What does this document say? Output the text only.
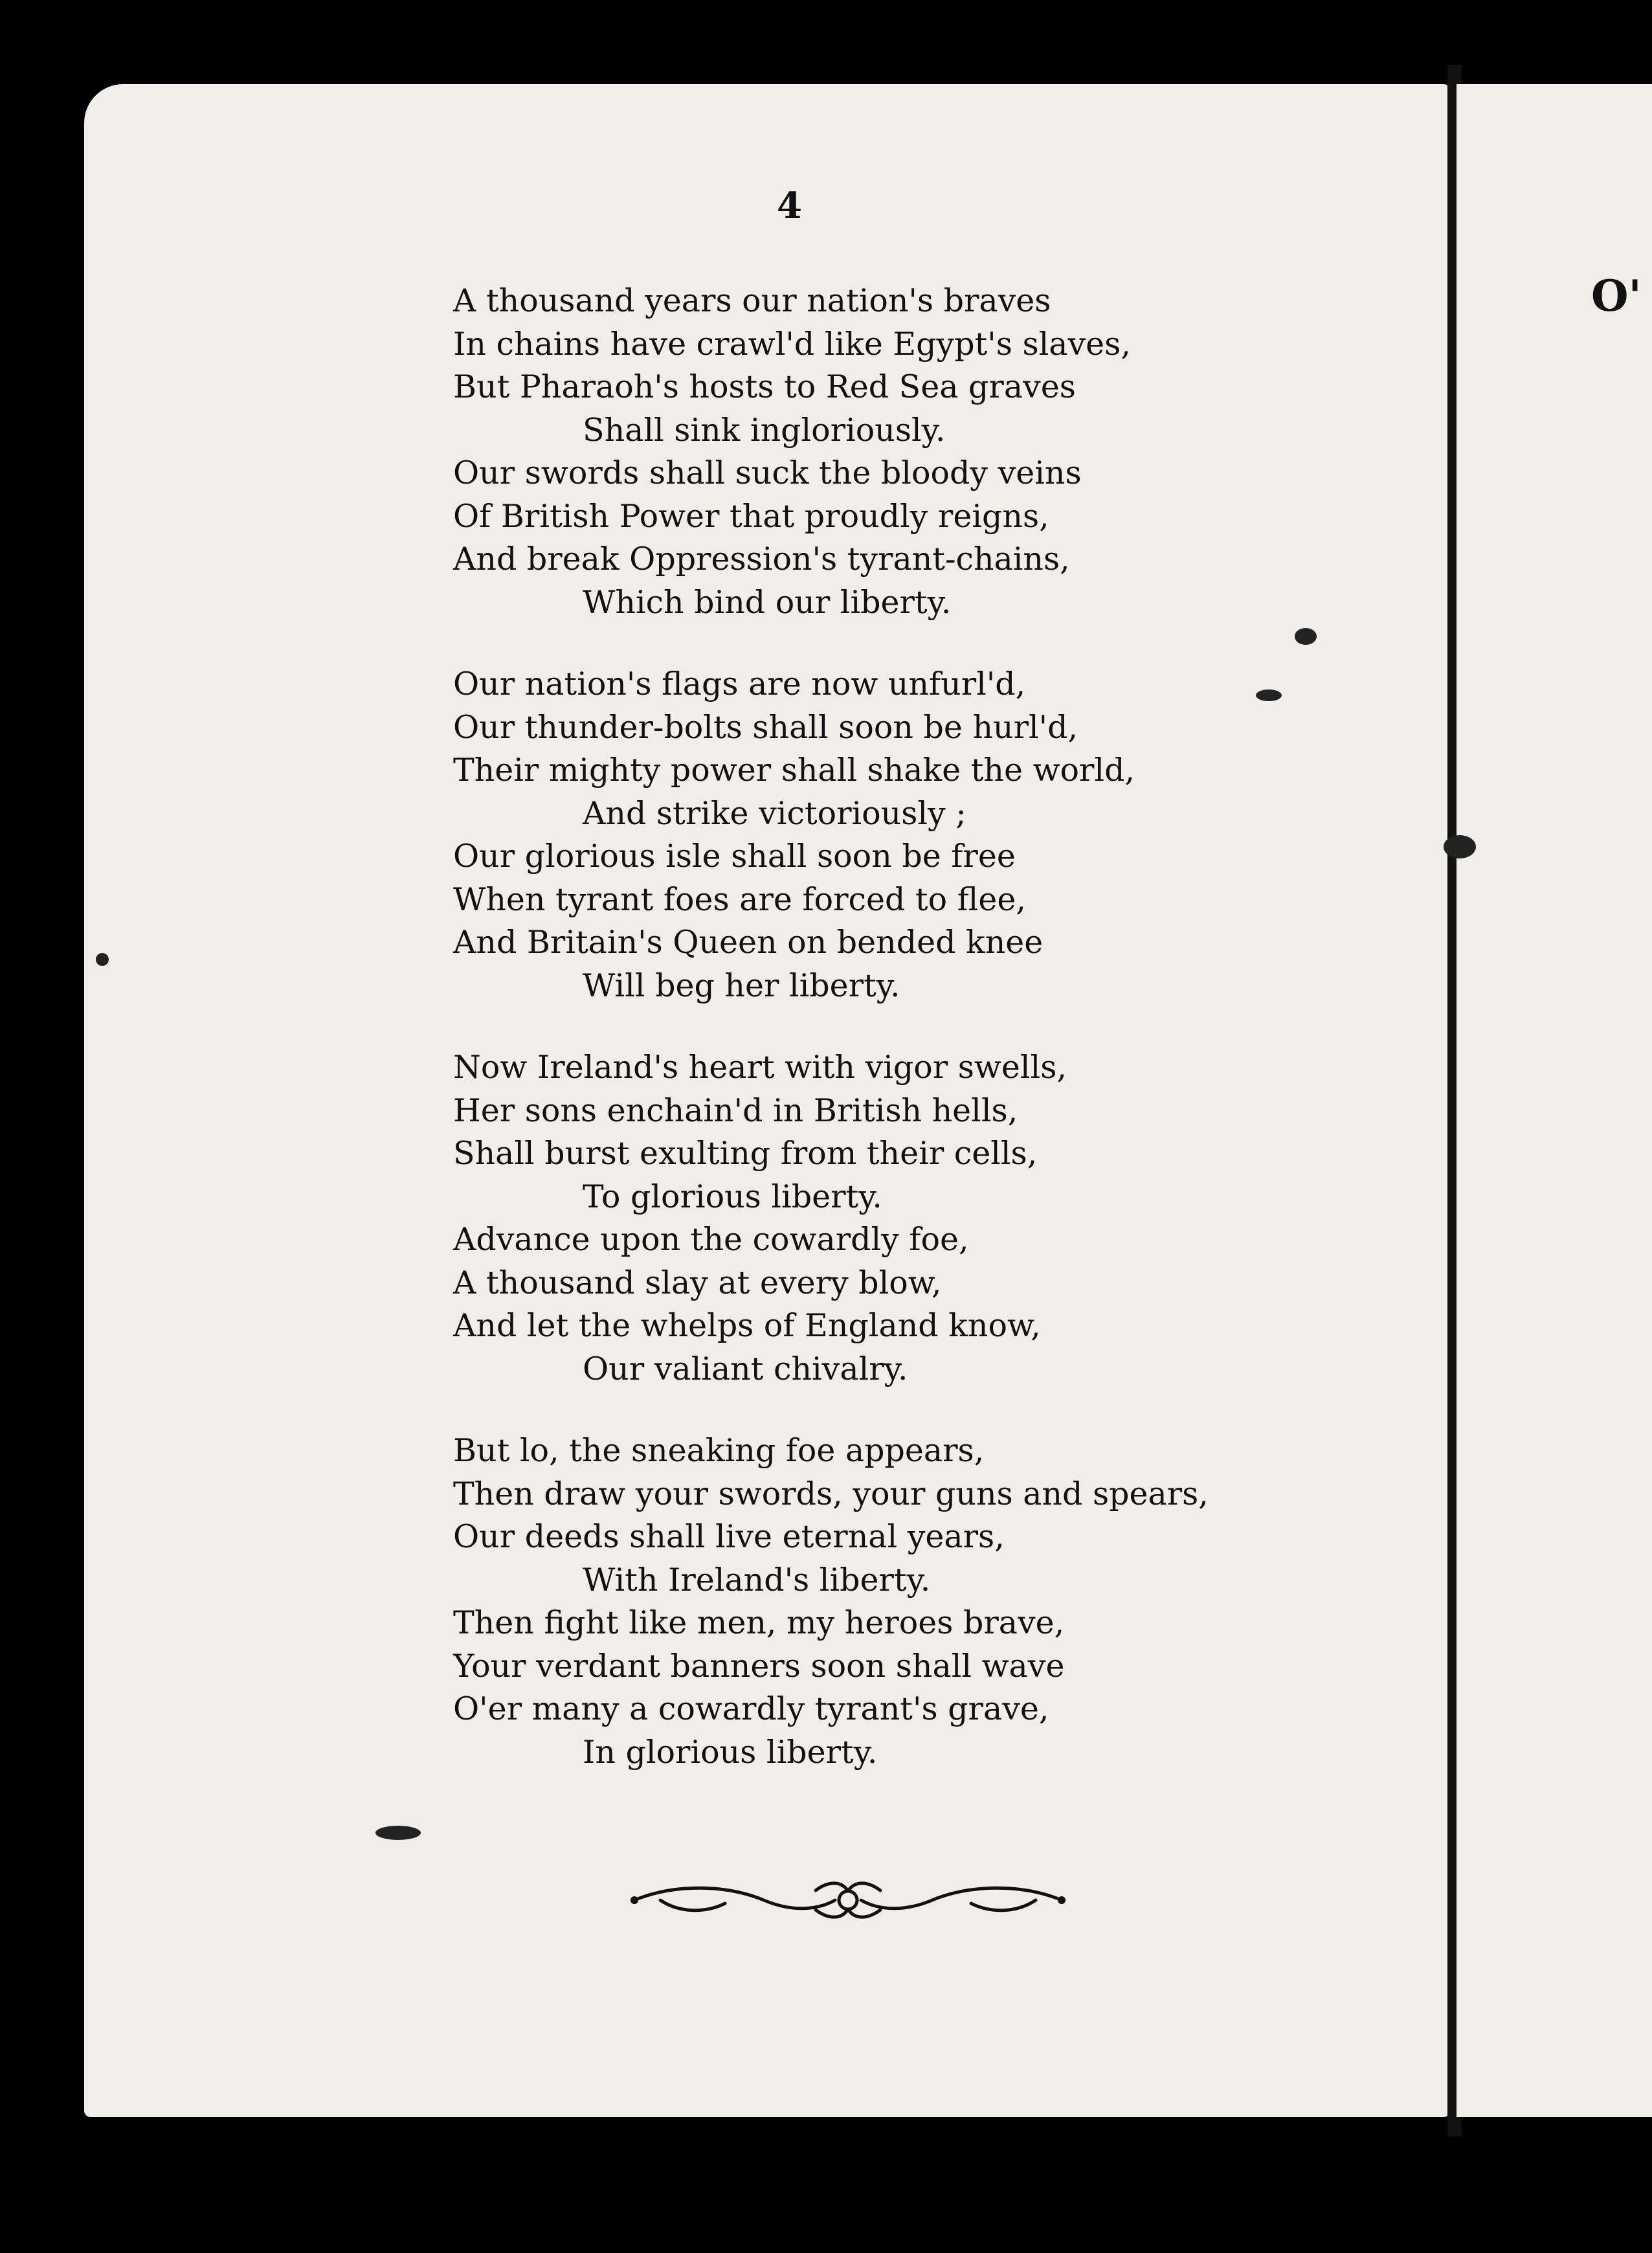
4
O'
A thousand years our nation's braves
In chains have crawl'd like Egypt's slaves,
But Pharaoh's hosts to Red Sea graves
Shall sink ingloriously.
Our swords shall suck the bloody veins
Of British Power that proudly reigns,
And break Oppression's tyrant-chains,
Which bind our liberty.
Our nation's flags are now unfurl'd,
Our thunder-bolts shall soon be hurl'd,
Their mighty power shall shake the world,
And strike victoriously ;
Our glorious isle shall soon be free
When tyrant foes are forced to flee,
And Britain's Queen on bended knee
Will beg her liberty.
Now Ireland's heart with vigor swells,
Her sons enchain'd in British hells,
Shall burst exulting from their cells,
To glorious liberty.
Advance upon the cowardly foe,
A thousand slay at every blow,
And let the whelps of England know,
Our valiant chivalry.
But lo, the sneaking foe appears,
Then draw your swords, your guns and spears,
Our deeds shall live eternal years,
With Ireland's liberty.
Then fight like men, my heroes brave,
Your verdant banners soon shall wave
O'er many a cowardly tyrant's grave,
In glorious liberty.
